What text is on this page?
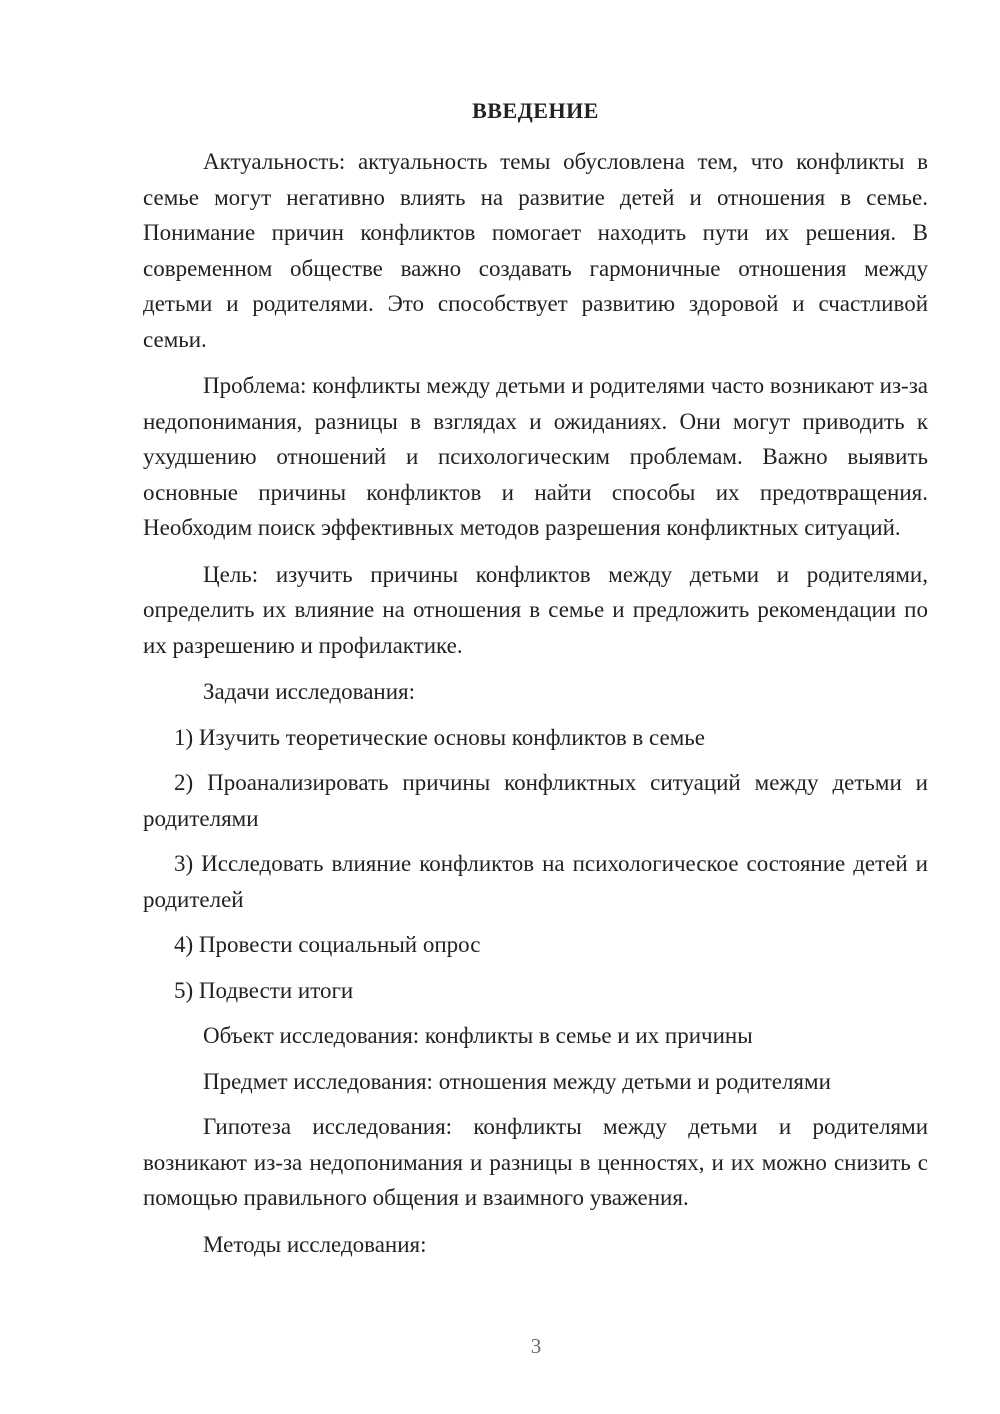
ВВЕДЕНИЕ

Актуальность: актуальность темы обусловлена тем, что конфликты в семье могут негативно влиять на развитие детей и отношения в семье. Понимание причин конфликтов помогает находить пути их решения. В современном обществе важно создавать гармоничные отношения между детьми и родителями. Это способствует развитию здоровой и счастливой семьи.

Проблема: конфликты между детьми и родителями часто возникают из-за недопонимания, разницы в взглядах и ожиданиях. Они могут приводить к ухудшению отношений и психологическим проблемам. Важно выявить основные причины конфликтов и найти способы их предотвращения. Необходим поиск эффективных методов разрешения конфликтных ситуаций.

Цель: изучить причины конфликтов между детьми и родителями, определить их влияние на отношения в семье и предложить рекомендации по их разрешению и профилактике.

Задачи исследования:

1) Изучить теоретические основы конфликтов в семье

2) Проанализировать причины конфликтных ситуаций между детьми и родителями

3) Исследовать влияние конфликтов на психологическое состояние детей и родителей

4) Провести социальный опрос

5) Подвести итоги

Объект исследования: конфликты в семье и их причины

Предмет исследования: отношения между детьми и родителями

Гипотеза исследования: конфликты между детьми и родителями возникают из-за недопонимания и разницы в ценностях, и их можно снизить с помощью правильного общения и взаимного уважения.

Методы исследования:

3
